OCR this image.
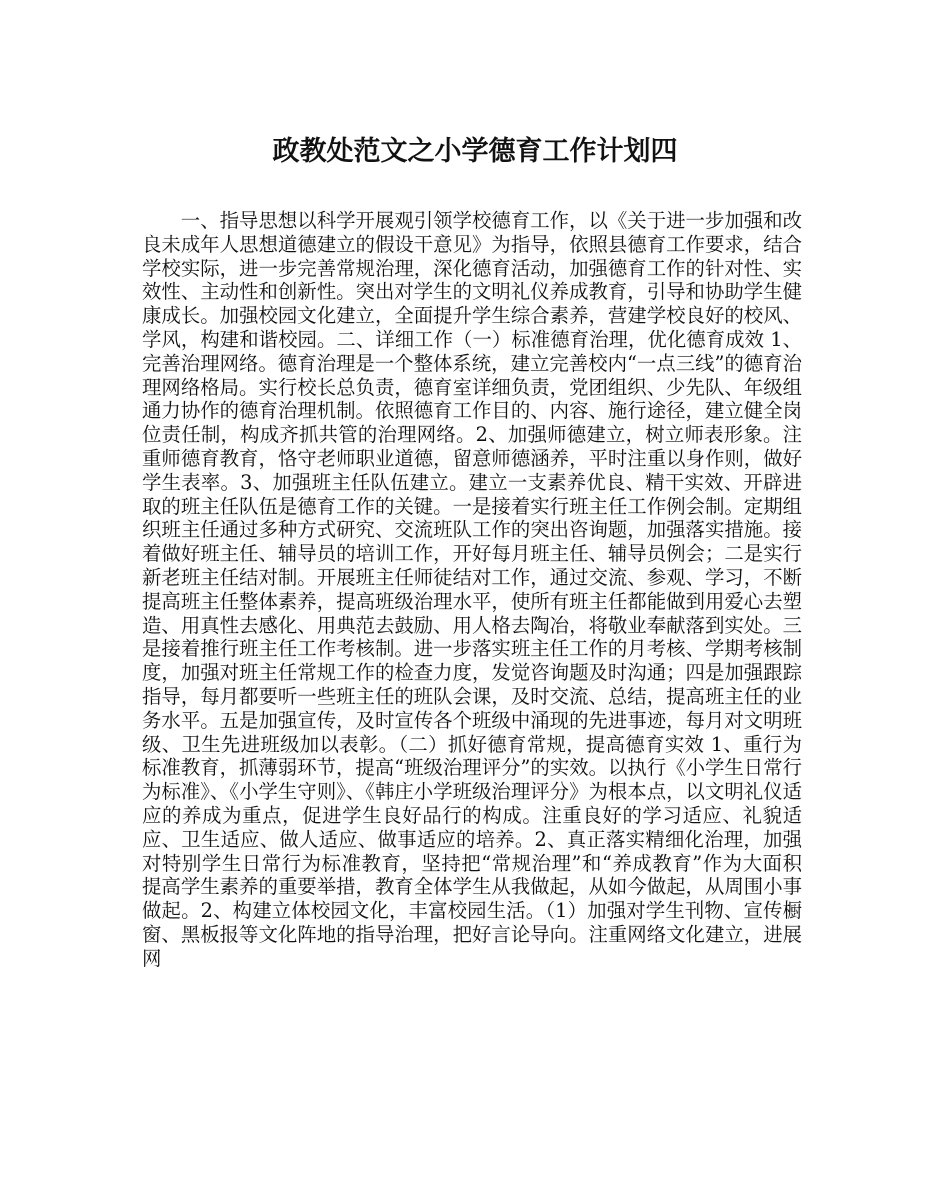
政教处范文之小学德育工作计划四

一、指导思想以科学开展观引领学校德育工作，以《关于进一步加强和改良未成年人思想道德建立的假设干意见》为指导，依照县德育工作要求，结合学校实际，进一步完善常规治理，深化德育活动，加强德育工作的针对性、实效性、主动性和创新性。突出对学生的文明礼仪养成教育，引导和协助学生健康成长。加强校园文化建立，全面提升学生综合素养，营建学校良好的校风、学风，构建和谐校园。二、详细工作（一）标准德育治理，优化德育成效 1、完善治理网络。德育治理是一个整体系统，建立完善校内“一点三线”的德育治理网络格局。实行校长总负责，德育室详细负责，党团组织、少先队、年级组通力协作的德育治理机制。依照德育工作目的、内容、施行途径，建立健全岗位责任制，构成齐抓共管的治理网络。2、加强师德建立，树立师表形象。注重师德育教育，恪守老师职业道德，留意师德涵养，平时注重以身作则，做好学生表率。3、加强班主任队伍建立。建立一支素养优良、精干实效、开辟进取的班主任队伍是德育工作的关键。一是接着实行班主任工作例会制。定期组织班主任通过多种方式研究、交流班队工作的突出咨询题，加强落实措施。接着做好班主任、辅导员的培训工作，开好每月班主任、辅导员例会；二是实行新老班主任结对制。开展班主任师徒结对工作，通过交流、参观、学习，不断提高班主任整体素养，提高班级治理水平，使所有班主任都能做到用爱心去塑造、用真性去感化、用典范去鼓励、用人格去陶冶，将敬业奉献落到实处。三是接着推行班主任工作考核制。进一步落实班主任工作的月考核、学期考核制度，加强对班主任常规工作的检查力度，发觉咨询题及时沟通；四是加强跟踪指导，每月都要听一些班主任的班队会课，及时交流、总结，提高班主任的业务水平。五是加强宣传，及时宣传各个班级中涌现的先进事迹，每月对文明班级、卫生先进班级加以表彰。（二）抓好德育常规，提高德育实效 1、重行为标准教育，抓薄弱环节，提高“班级治理评分”的实效。以执行《小学生日常行为标准》、《小学生守则》、《韩庄小学班级治理评分》为根本点，以文明礼仪适应的养成为重点，促进学生良好品行的构成。注重良好的学习适应、礼貌适应、卫生适应、做人适应、做事适应的培养。2、真正落实精细化治理，加强对特别学生日常行为标准教育，坚持把“常规治理”和“养成教育”作为大面积提高学生素养的重要举措，教育全体学生从我做起，从如今做起，从周围小事做起。2、构建立体校园文化，丰富校园生活。（1）加强对学生刊物、宣传橱窗、黑板报等文化阵地的指导治理，把好言论导向。注重网络文化建立，进展网
